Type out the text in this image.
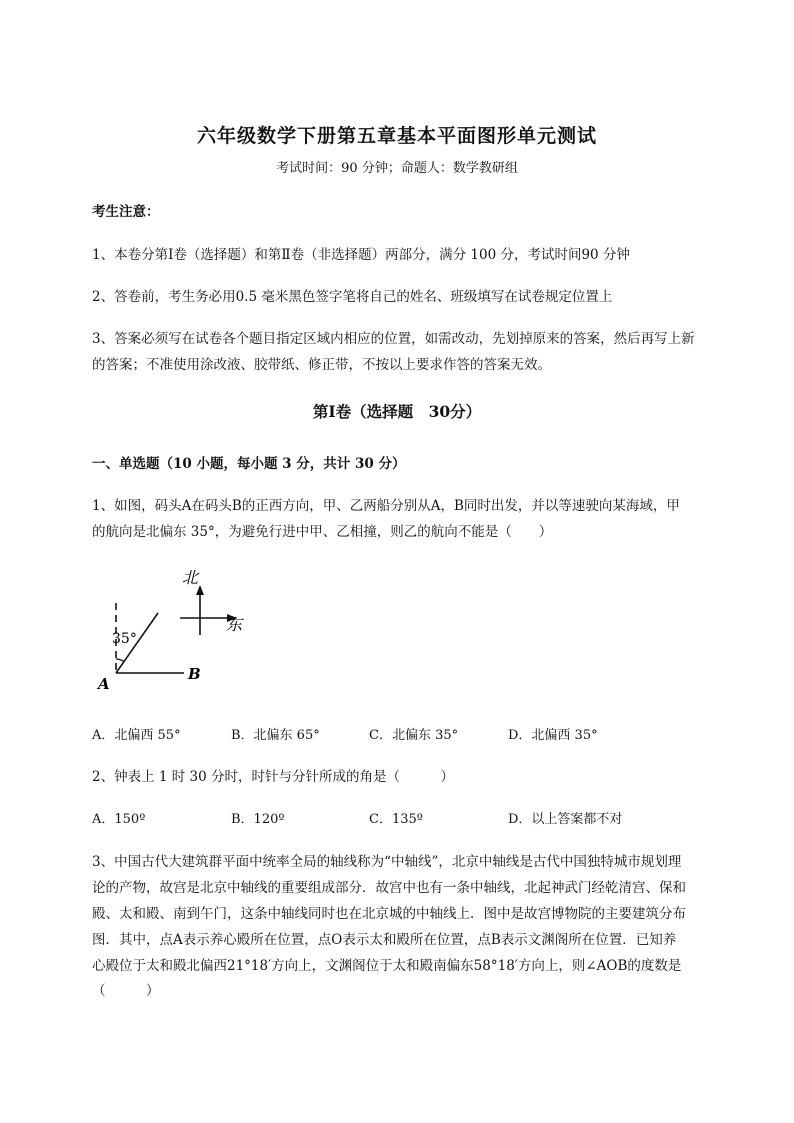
六年级数学下册第五章基本平面图形单元测试
考试时间：90 分钟；命题人：数学教研组
考生注意：
1、本卷分第Ⅰ卷（选择题）和第Ⅱ卷（非选择题）两部分，满分 100 分，考试时间90 分钟
2、答卷前，考生务必用0.5 毫米黑色签字笔将自己的姓名、班级填写在试卷规定位置上
3、答案必须写在试卷各个题目指定区域内相应的位置，如需改动，先划掉原来的答案，然后再写上新
的答案；不准使用涂改液、胶带纸、修正带，不按以上要求作答的答案无效。
第Ⅰ卷（选择题　30分）
一、单选题（10 小题，每小题 3 分，共计 30 分）
1、如图，码头A在码头B的正西方向，甲、乙两船分别从A，B同时出发，并以等速驶向某海域，甲
的航向是北偏东 35°，为避免行进中甲、乙相撞，则乙的航向不能是（　　）
北
东
35°
A
B
A．北偏西 55°	B．北偏东 65°	C．北偏东 35°	D．北偏西 35°
2、钟表上 1 时 30 分时，时针与分针所成的角是（　　　）
A．150º	B．120º	C．135º	D．以上答案都不对
3、中国古代大建筑群平面中统率全局的轴线称为“中轴线”，北京中轴线是古代中国独特城市规划理
论的产物，故宫是北京中轴线的重要组成部分．故宫中也有一条中轴线，北起神武门经乾清宫、保和
殿、太和殿、南到午门，这条中轴线同时也在北京城的中轴线上．图中是故宫博物院的主要建筑分布
图．其中，点A表示养心殿所在位置，点O表示太和殿所在位置，点B表示文渊阁所在位置．已知养
心殿位于太和殿北偏西21°18′方向上，文渊阁位于太和殿南偏东58°18′方向上，则∠AOB的度数是
（　　　）
